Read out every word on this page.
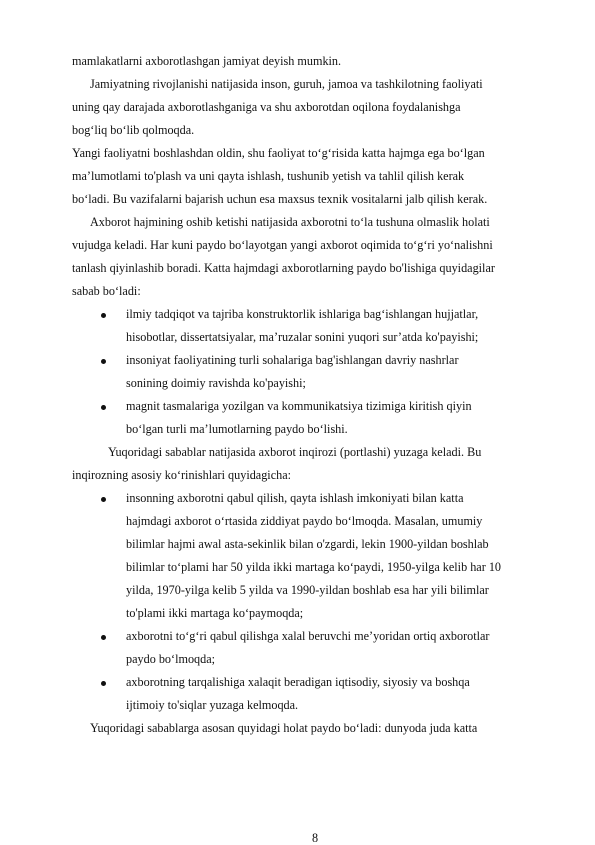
mamlakatlarni axborotlashgan jamiyat deyish mumkin.
Jamiyatning rivojlanishi natijasida inson, guruh, jamoa va tashkilotning faoliyati
uning qay darajada axborotlashganiga va shu axborotdan oqilona foydalanishga
bog‘liq bo‘lib qolmoqda.
Yangi faoliyatni boshlashdan oldin, shu faoliyat to‘g‘risida katta hajmga ega bo‘lgan
ma’lumotlami to'plash va uni qayta ishlash, tushunib yetish va tahlil qilish kerak
bo‘ladi. Bu vazifalarni bajarish uchun esa maxsus texnik vositalarni jalb qilish kerak.
Axborot hajmining oshib ketishi natijasida axborotni to‘la tushuna olmaslik holati
vujudga keladi. Har kuni paydo bo‘layotgan yangi axborot oqimida to‘g‘ri yo‘nalishni
tanlash qiyinlashib boradi. Katta hajmdagi axborotlarning paydo bo'lishiga quyidagilar
sabab bo‘ladi:
ilmiy tadqiqot va tajriba konstruktorlik ishlariga bag‘ishlangan hujjatlar,
hisobotlar, dissertatsiyalar, ma’ruzalar sonini yuqori sur’atda ko'payishi;
insoniyat faoliyatining turli sohalariga bag'ishlangan davriy nashrlar
sonining doimiy ravishda ko'payishi;
magnit tasmalariga yozilgan va kommunikatsiya tizimiga kiritish qiyin
bo‘lgan turli ma’lumotlarning paydo bo‘lishi.
Yuqoridagi sabablar natijasida axborot inqirozi (portlashi) yuzaga keladi. Bu
inqirozning asosiy ko‘rinishlari quyidagicha:
insonning axborotni qabul qilish, qayta ishlash imkoniyati bilan katta
hajmdagi axborot o‘rtasida ziddiyat paydo bo‘lmoqda. Masalan, umumiy
bilimlar hajmi awal asta-sekinlik bilan o'zgardi, lekin 1900-yildan boshlab
bilimlar to‘plami har 50 yilda ikki martaga ko‘paydi, 1950-yilga kelib har 10
yilda, 1970-yilga kelib 5 yilda va 1990-yildan boshlab esa har yili bilimlar
to'plami ikki martaga ko‘paymoqda;
axborotni to‘g‘ri qabul qilishga xalal beruvchi me’yoridan ortiq axborotlar
paydo bo‘lmoqda;
axborotning tarqalishiga xalaqit beradigan iqtisodiy, siyosiy va boshqa
ijtimoiy to'siqlar yuzaga kelmoqda.
Yuqoridagi sabablarga asosan quyidagi holat paydo bo‘ladi: dunyoda juda katta
8
